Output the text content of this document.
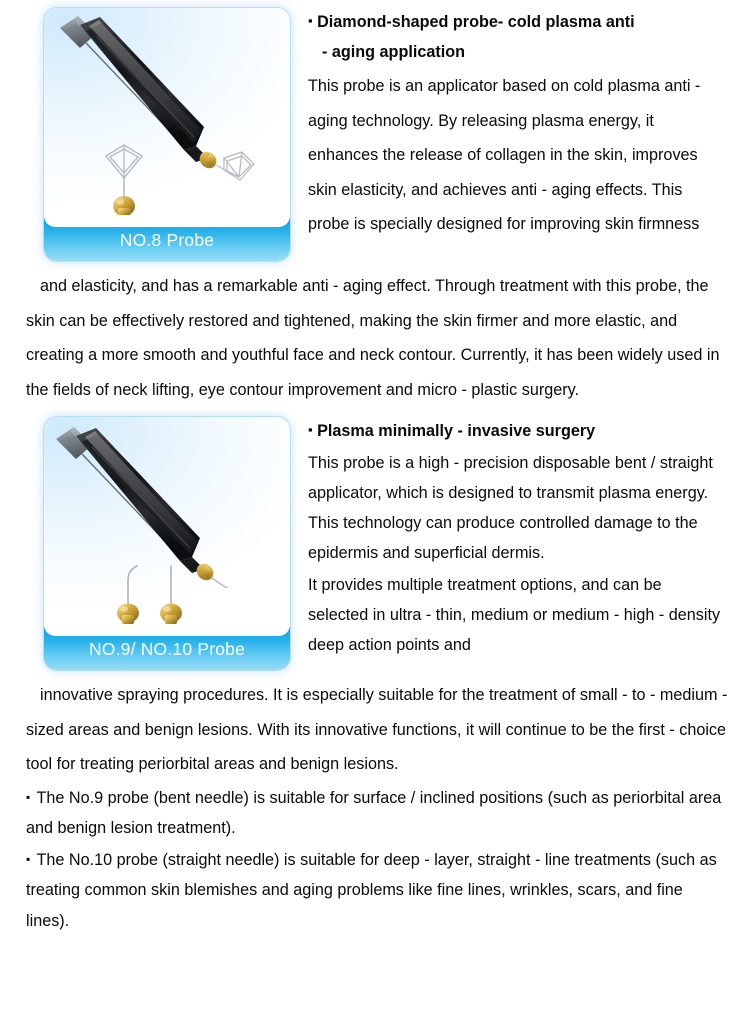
NO.8 Probe

▪ Diamond-shaped probe- cold plasma anti
- aging application

This probe is an applicator based on cold plasma anti - aging technology. By releasing plasma energy, it enhances the release of collagen in the skin, improves skin elasticity, and achieves anti - aging effects. This probe is specially designed for improving skin firmness

and elasticity, and has a remarkable anti - aging effect. Through treatment with this probe, the skin can be effectively restored and tightened, making the skin firmer and more elastic, and creating a more smooth and youthful face and neck contour. Currently, it has been widely used in the fields of neck lifting, eye contour improvement and micro - plastic surgery.

NO.9/ NO.10 Probe

▪ Plasma minimally - invasive surgery

This probe is a high - precision disposable bent / straight applicator, which is designed to transmit plasma energy. This technology can produce controlled damage to the epidermis and superficial dermis.

It provides multiple treatment options, and can be selected in ultra - thin, medium or medium - high - density deep action points and

innovative spraying procedures. It is especially suitable for the treatment of small - to - medium - sized areas and benign lesions. With its innovative functions, it will continue to be the first - choice tool for treating periorbital areas and benign lesions.

▪ The No.9 probe (bent needle) is suitable for surface / inclined positions (such as periorbital area and benign lesion treatment).

▪ The No.10 probe (straight needle) is suitable for deep - layer, straight - line treatments (such as treating common skin blemishes and aging problems like fine lines, wrinkles, scars, and fine lines).
